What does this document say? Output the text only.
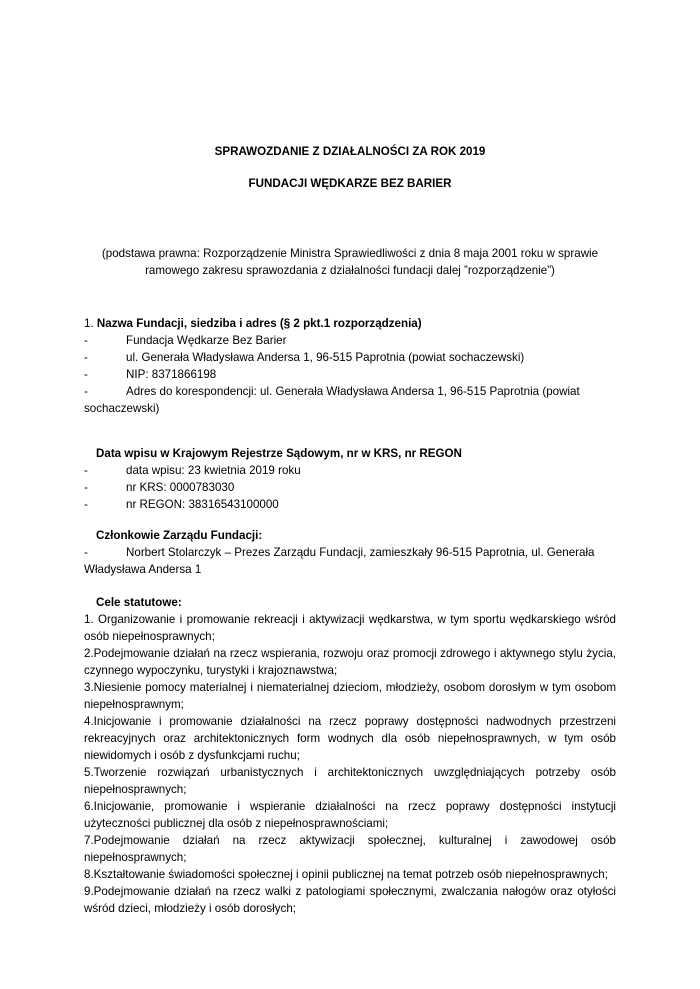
SPRAWOZDANIE Z DZIAŁALNOŚCI ZA ROK 2019

FUNDACJI WĘDKARZE BEZ BARIER

(podstawa prawna: Rozporządzenie Ministra Sprawiedliwości z dnia 8 maja 2001 roku w sprawie ramowego zakresu sprawozdania z działalności fundacji dalej ”rozporządzenie”)

1. Nazwa Fundacji, siedziba i adres (§ 2 pkt.1 rozporządzenia)

-	Fundacja Wędkarze Bez Barier

-	ul. Generała Władysława Andersa 1, 96-515 Paprotnia (powiat sochaczewski)

-	NIP: 8371866198

-	Adres do korespondencji: ul. Generała Władysława Andersa 1, 96-515 Paprotnia (powiat sochaczewski)

Data wpisu w Krajowym Rejestrze Sądowym, nr w KRS, nr REGON

-	data wpisu: 23 kwietnia 2019 roku

-	nr KRS: 0000783030

-	nr REGON: 38316543100000

Członkowie Zarządu Fundacji:

-	Norbert Stolarczyk – Prezes Zarządu Fundacji, zamieszkały 96-515 Paprotnia, ul. Generała Władysława Andersa 1

Cele statutowe:

1. Organizowanie i promowanie rekreacji i aktywizacji wędkarstwa, w tym sportu wędkarskiego wśród osób niepełnosprawnych;

2.Podejmowanie działań na rzecz wspierania, rozwoju oraz promocji zdrowego i aktywnego stylu życia, czynnego wypoczynku, turystyki i krajoznawstwa;

3.Niesienie pomocy materialnej i niematerialnej dzieciom, młodzieży, osobom dorosłym w tym osobom niepełnosprawnym;

4.Inicjowanie i promowanie działalności na rzecz poprawy dostępności nadwodnych przestrzeni rekreacyjnych oraz architektonicznych form wodnych dla osób niepełnosprawnych, w tym osób niewidomych i osób z dysfunkcjami ruchu;

5.Tworzenie rozwiązań urbanistycznych i architektonicznych uwzględniających potrzeby osób niepełnosprawnych;

6.Inicjowanie, promowanie i wspieranie działalności na rzecz poprawy dostępności instytucji użyteczności publicznej dla osób z niepełnosprawnościami;

7.Podejmowanie działań na rzecz aktywizacji społecznej, kulturalnej i zawodowej osób niepełnosprawnych;

8.Kształtowanie świadomości społecznej i opinii publicznej na temat potrzeb osób niepełnosprawnych;

9.Podejmowanie działań na rzecz walki z patologiami społecznymi, zwalczania nałogów oraz otyłości wśród dzieci, młodzieży i osób dorosłych;
